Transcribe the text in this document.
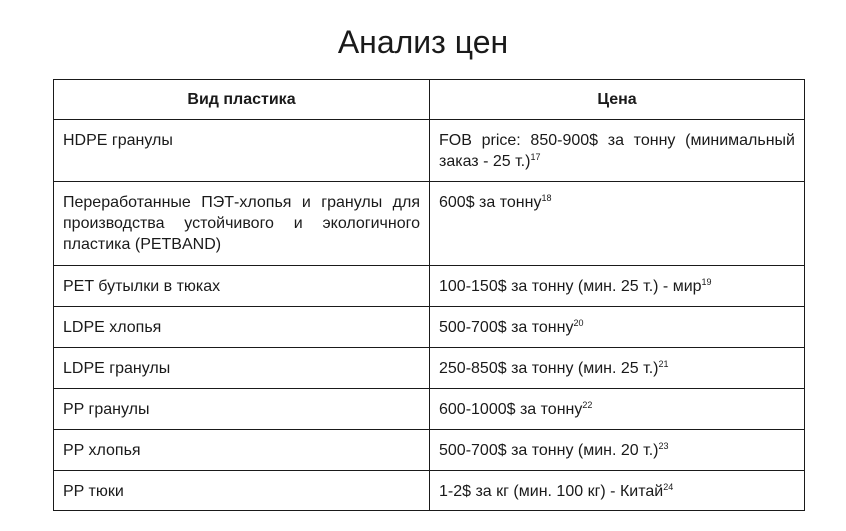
Анализ цен
Вид пластика	Цена
HDPE гранулы	FOB price: 850-900$ за тонну (минимальный заказ - 25 т.)$^{17}$
Переработанные ПЭТ-хлопья и гранулы для производства устойчивого и экологичного пластика (PETBAND)	600$ за тонну$^{18}$
PET бутылки в тюках	100-150$ за тонну (мин. 25 т.) - мир$^{19}$
LDPE хлопья	500-700$ за тонну$^{20}$
LDPE гранулы	250-850$ за тонну (мин. 25 т.)$^{21}$
PP гранулы	600-1000$ за тонну$^{22}$
PP хлопья	500-700$ за тонну (мин. 20 т.)$^{23}$
PP тюки	1-2$ за кг (мин. 100 кг) - Китай$^{24}$
